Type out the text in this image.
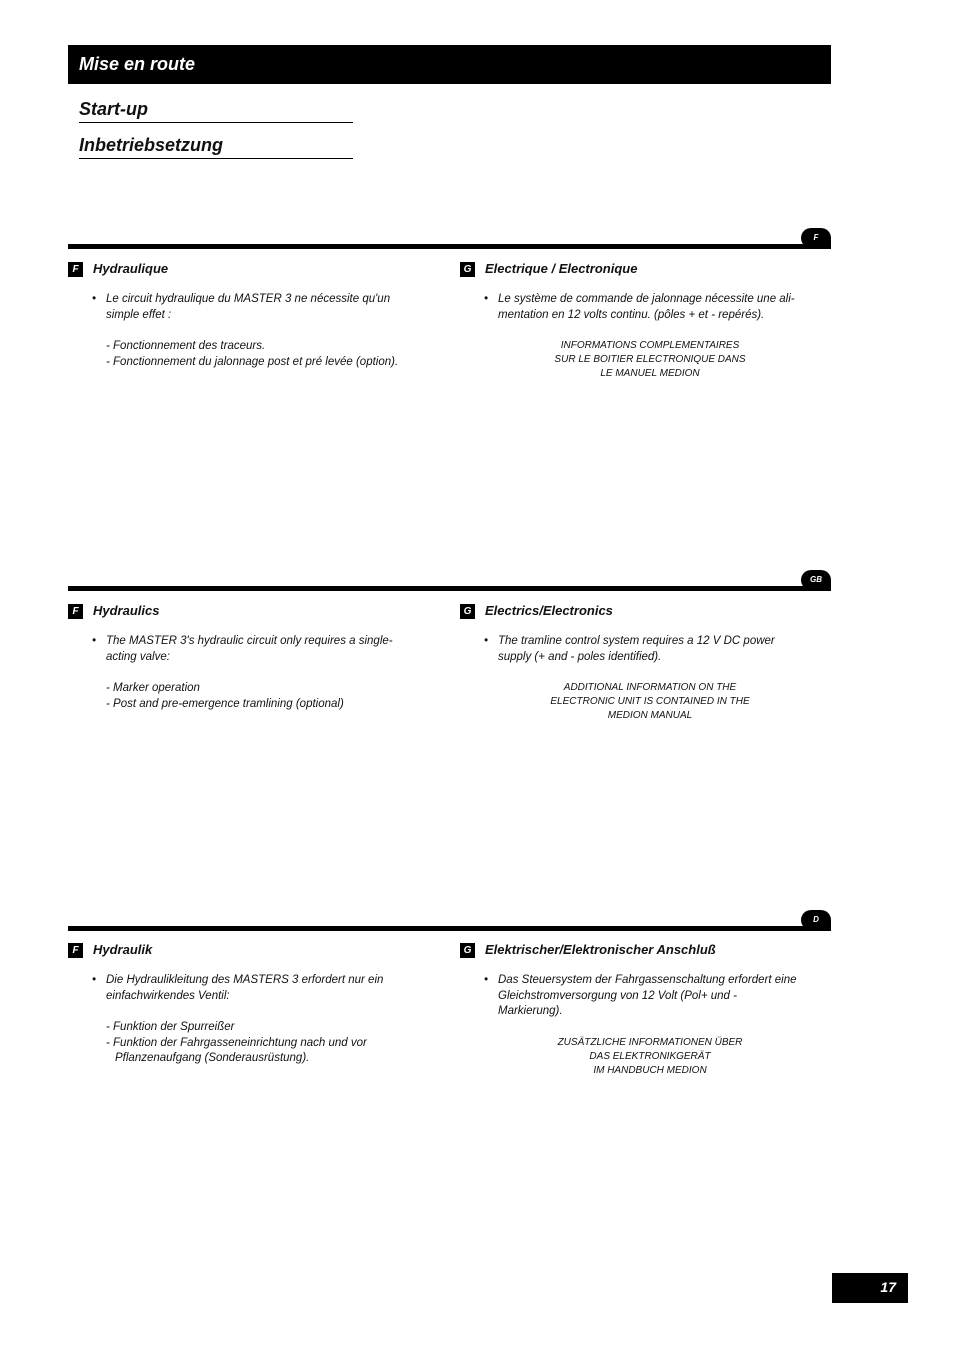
Mise en route
Start-up
Inbetriebsetzung
F
F	Hydraulique
• Le circuit hydraulique du MASTER 3 ne nécessite qu'un
simple effet :
- Fonctionnement des traceurs.
- Fonctionnement du jalonnage post et pré levée (option).
G Electrique / Electronique
• Le système de commande de jalonnage nécessite une ali-
mentation en 12 volts continu. (pôles + et - repérés).
INFORMATIONS COMPLEMENTAIRES
SUR LE BOITIER ELECTRONIQUE DANS
LE MANUEL MEDION
GB
F	Hydraulics
• The MASTER 3's hydraulic circuit only requires a single-
acting valve:
- Marker operation
- Post and pre-emergence tramlining (optional)
G Electrics/Electronics
• The tramline control system requires a 12 V DC power
supply (+ and - poles identified).
ADDITIONAL INFORMATION ON THE
ELECTRONIC UNIT IS CONTAINED IN THE
MEDION MANUAL
D
F	Hydraulik
• Die Hydraulikleitung des MASTERS 3 erfordert nur ein
einfachwirkendes Ventil:
- Funktion der Spurreißer
- Funktion der Fahrgasseneinrichtung nach und vor Pflanzenaufgang (Sonderausrüstung).
G Elektrischer/Elektronischer Anschluß
• Das Steuersystem der Fahrgassenschaltung erfordert eine
Gleichstromversorgung von 12 Volt (Pol+ und -
Markierung).
ZUSÄTZLICHE INFORMATIONEN ÜBER
DAS ELEKTRONIKGERÄT
IM HANDBUCH MEDION
17
